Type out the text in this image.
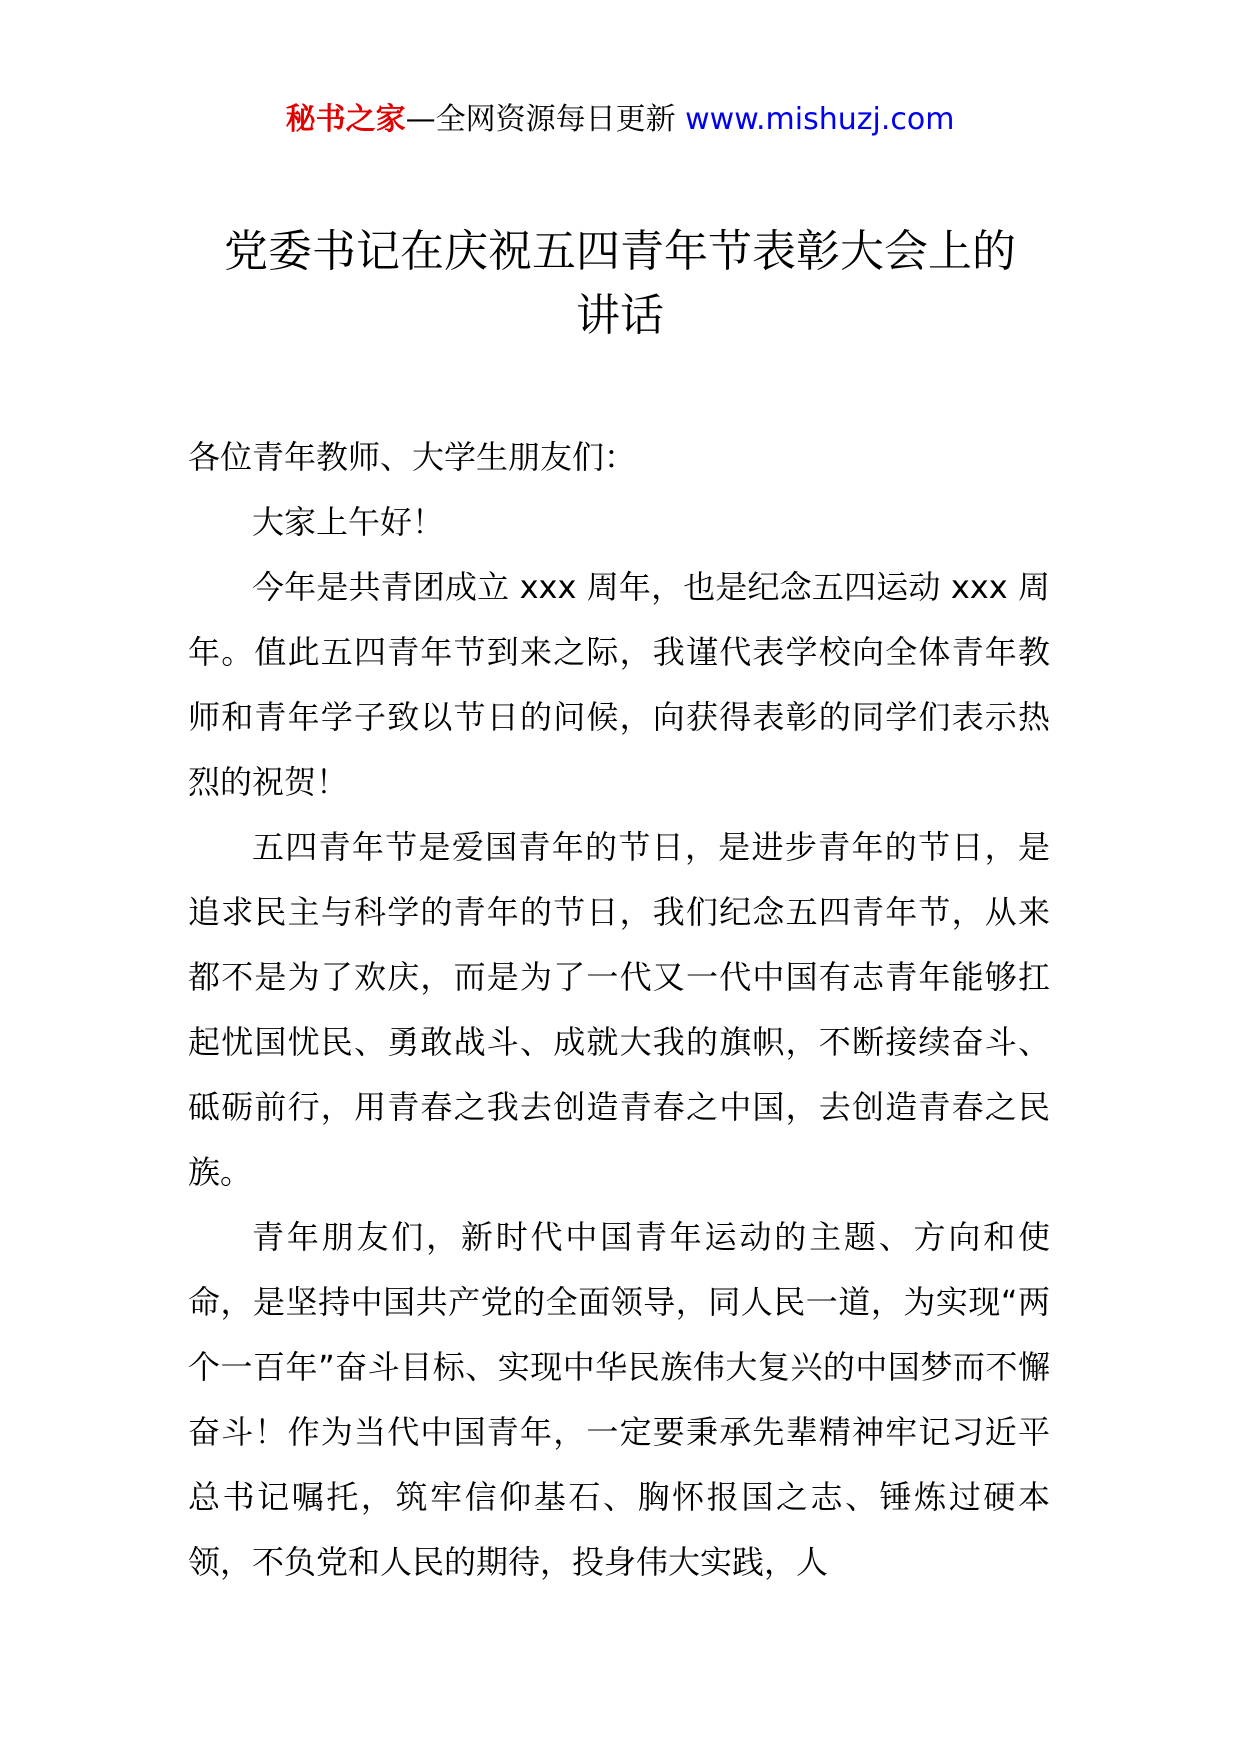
秘书之家—全网资源每日更新 www.mishuzj.com
党委书记在庆祝五四青年节表彰大会上的
讲话

各位青年教师、大学生朋友们：

大家上午好！

今年是共青团成立 xxx 周年，也是纪念五四运动 xxx 周年。值此五四青年节到来之际，我谨代表学校向全体青年教师和青年学子致以节日的问候，向获得表彰的同学们表示热烈的祝贺！

五四青年节是爱国青年的节日，是进步青年的节日，是追求民主与科学的青年的节日，我们纪念五四青年节，从来都不是为了欢庆，而是为了一代又一代中国有志青年能够扛起忧国忧民、勇敢战斗、成就大我的旗帜，不断接续奋斗、砥砺前行，用青春之我去创造青春之中国，去创造青春之民族。

青年朋友们，新时代中国青年运动的主题、方向和使命，是坚持中国共产党的全面领导，同人民一道，为实现“两个一百年”奋斗目标、实现中华民族伟大复兴的中国梦而不懈奋斗！作为当代中国青年，一定要秉承先辈精神牢记习近平总书记嘱托，筑牢信仰基石、胸怀报国之志、锤炼过硬本领，不负党和人民的期待，投身伟大实践，人
